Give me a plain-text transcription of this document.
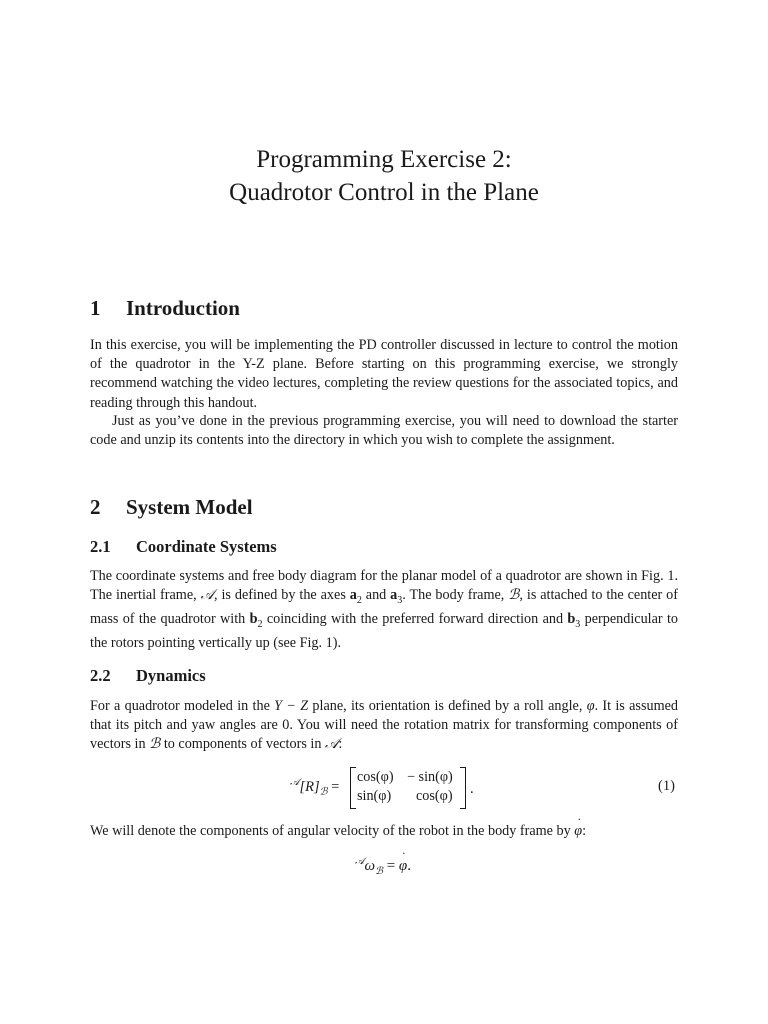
Programming Exercise 2:
Quadrotor Control in the Plane
1 Introduction

In this exercise, you will be implementing the PD controller discussed in lecture to control the motion of the quadrotor in the Y-Z plane. Before starting on this programming exercise, we strongly recommend watching the video lectures, completing the review questions for the associated topics, and reading through this handout.

Just as you’ve done in the previous programming exercise, you will need to download the starter code and unzip its contents into the directory in which you wish to complete the assignment.

2 System Model
2.1 Coordinate Systems

The coordinate systems and free body diagram for the planar model of a quadrotor are shown in Fig. 1. The inertial frame, 𝒜, is defined by the axes $a_2$ and $a_3$. The body frame, ℬ, is attached to the center of mass of the quadrotor with $b_2$ coinciding with the preferred forward direction and $b_3$ perpendicular to the rotors pointing vertically up (see Fig. 1).

2.2 Dynamics

For a quadrotor modeled in the Y − Z plane, its orientation is defined by a roll angle, φ. It is assumed that its pitch and yaw angles are 0. You will need the rotation matrix for transforming components of vectors in ℬ to components of vectors in 𝒜:

$^𝒜[R]_ℬ$ =
cos(φ) − sin(φ)
sin(φ) cos(φ) .	(1)

We will denote the components of angular velocity of the robot in the body frame by ˙ φ:

$^𝒜\omega_ℬ$ = ˙ φ.
